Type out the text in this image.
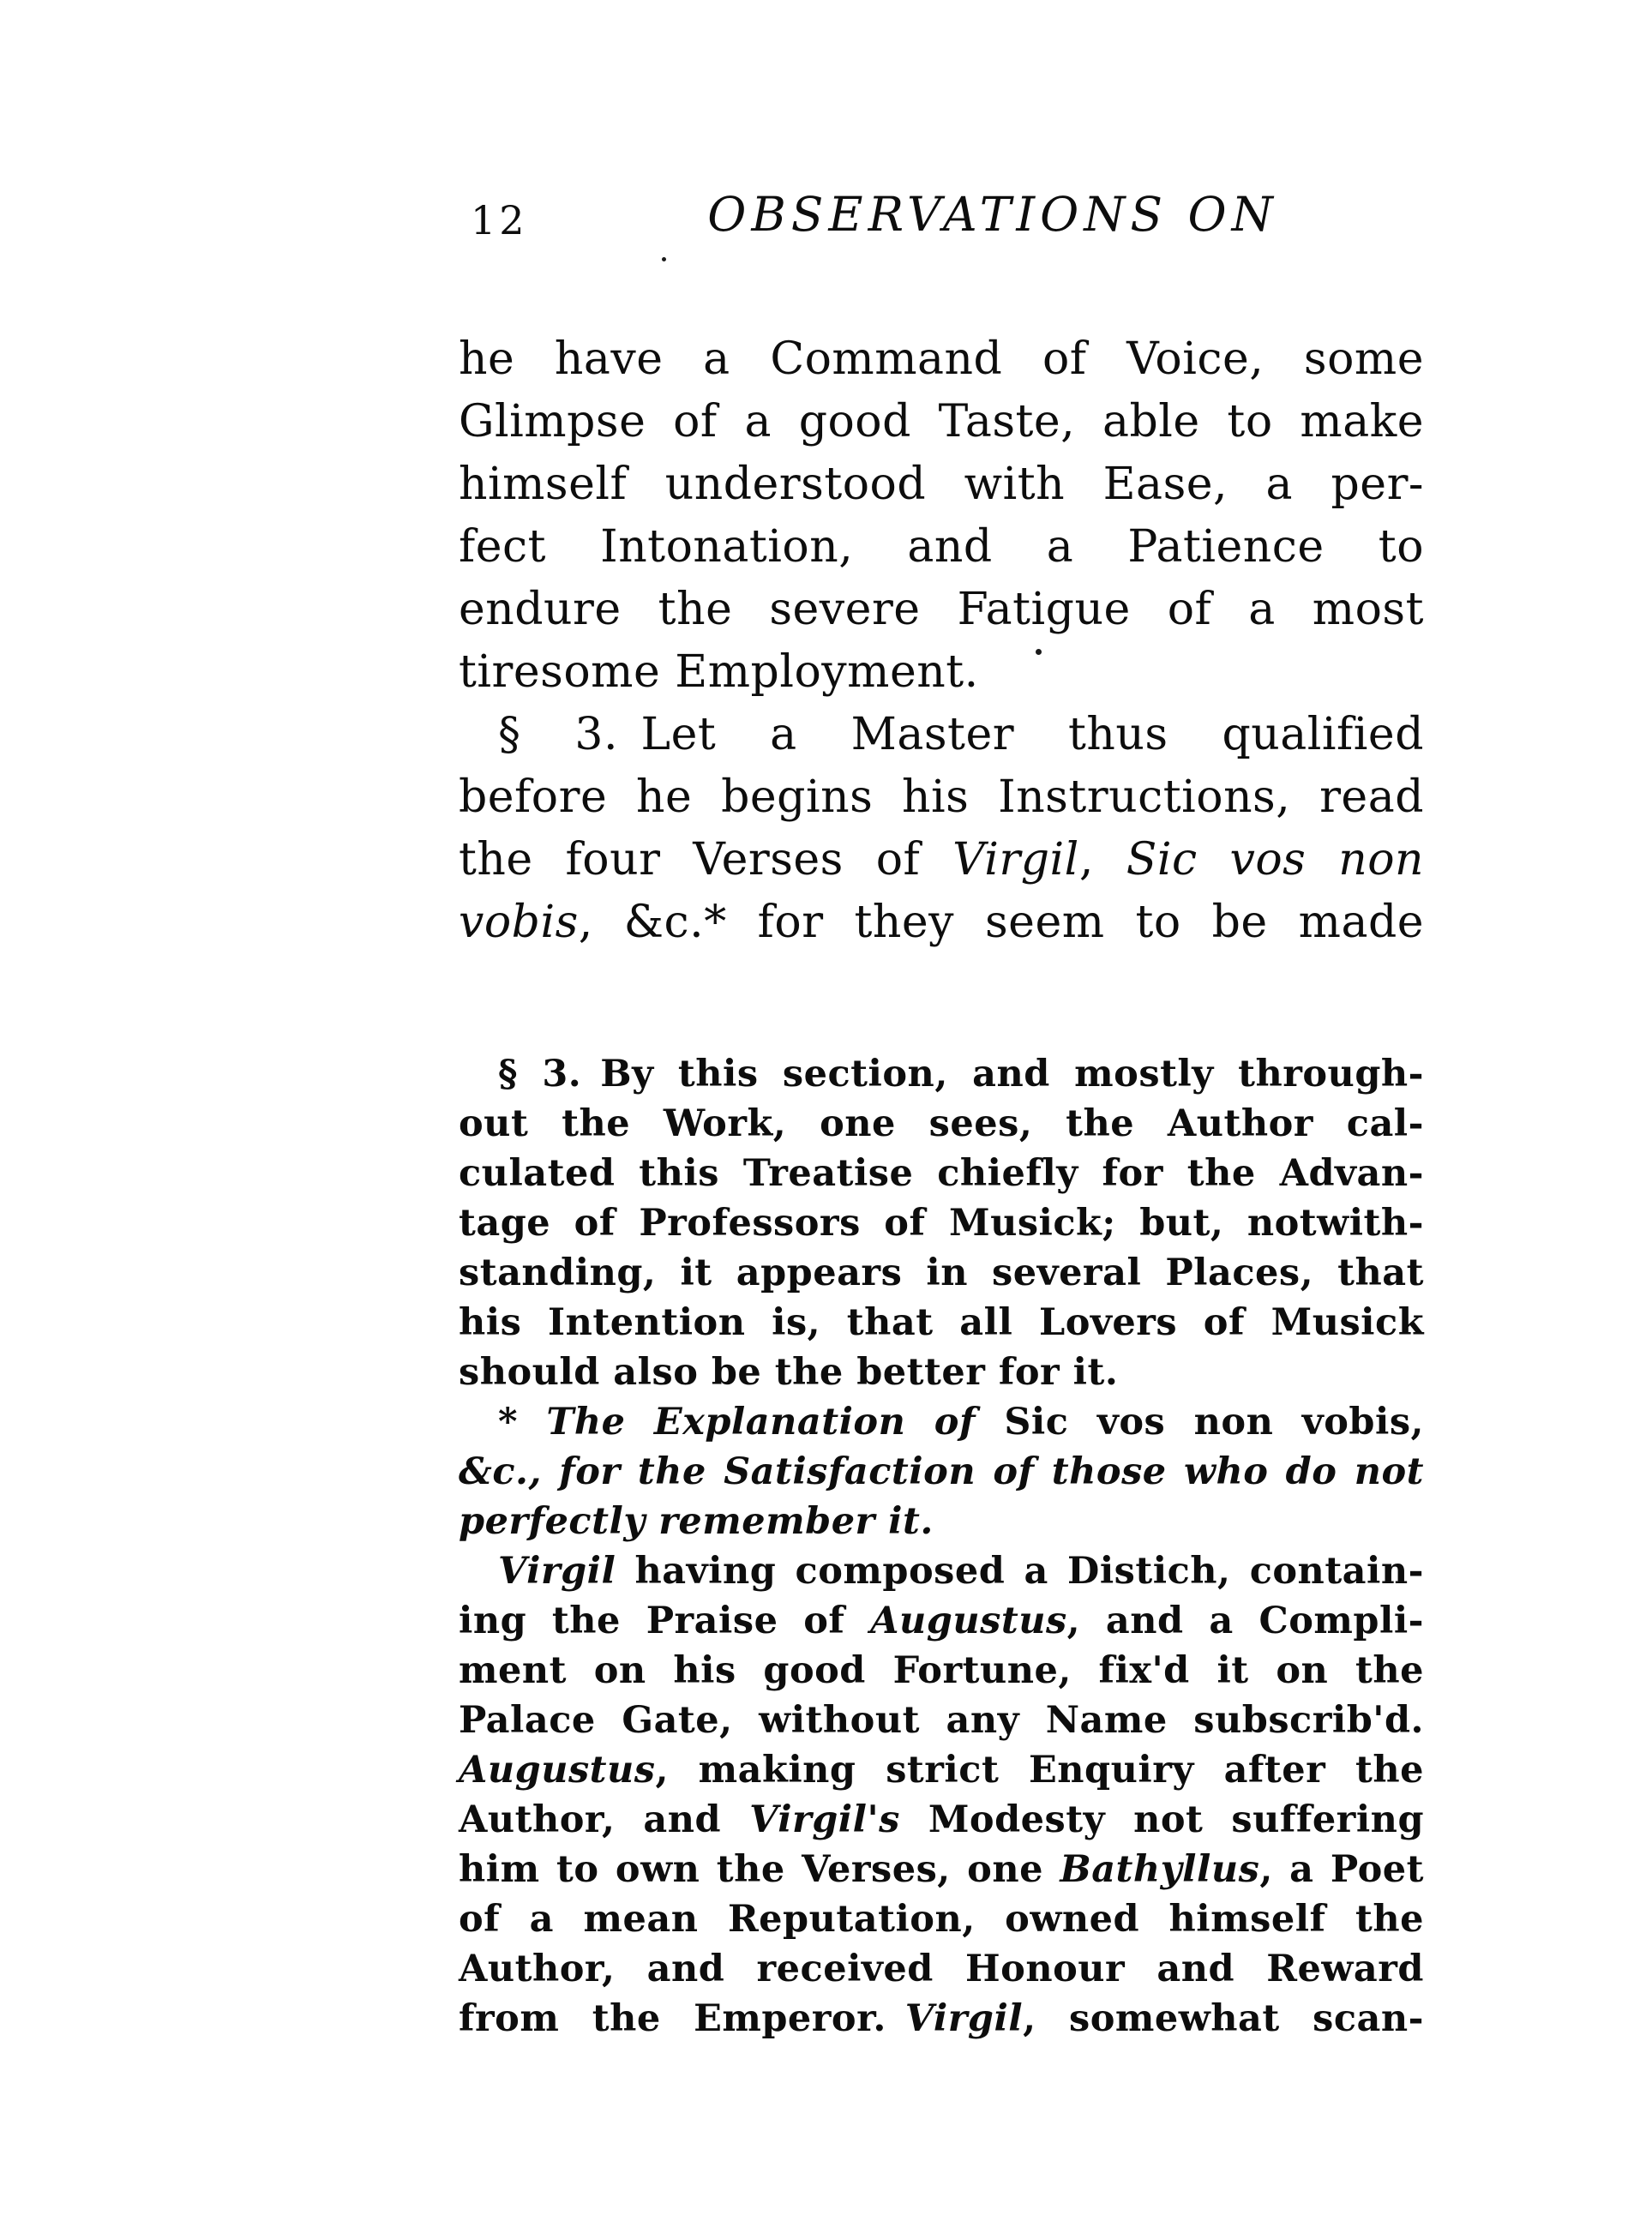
12	OBSERVATIONS ON
he have a Command of Voice, some
Glimpse of a good Taste, able to make
himself understood with Ease, a per-
fect Intonation, and a Patience to
endure the severe Fatigue of a most
tiresome Employment.
§ 3. Let a Master thus qualified
before he begins his Instructions, read
the four Verses of Virgil, Sic vos non
vobis, &c.* for they seem to be made
§ 3. By this section, and mostly through-
out the Work, one sees, the Author cal-
culated this Treatise chiefly for the Advan-
tage of Professors of Musick; but, notwith-
standing, it appears in several Places, that
his Intention is, that all Lovers of Musick
should also be the better for it.
* The Explanation of Sic vos non vobis,
&c., for the Satisfaction of those who do not
perfectly remember it.
Virgil having composed a Distich, contain-
ing the Praise of Augustus, and a Compli-
ment on his good Fortune, fix'd it on the
Palace Gate, without any Name subscrib'd.
Augustus, making strict Enquiry after the
Author, and Virgil's Modesty not suffering
him to own the Verses, one Bathyllus, a Poet
of a mean Reputation, owned himself the
Author, and received Honour and Reward
from the Emperor. Virgil, somewhat scan-
